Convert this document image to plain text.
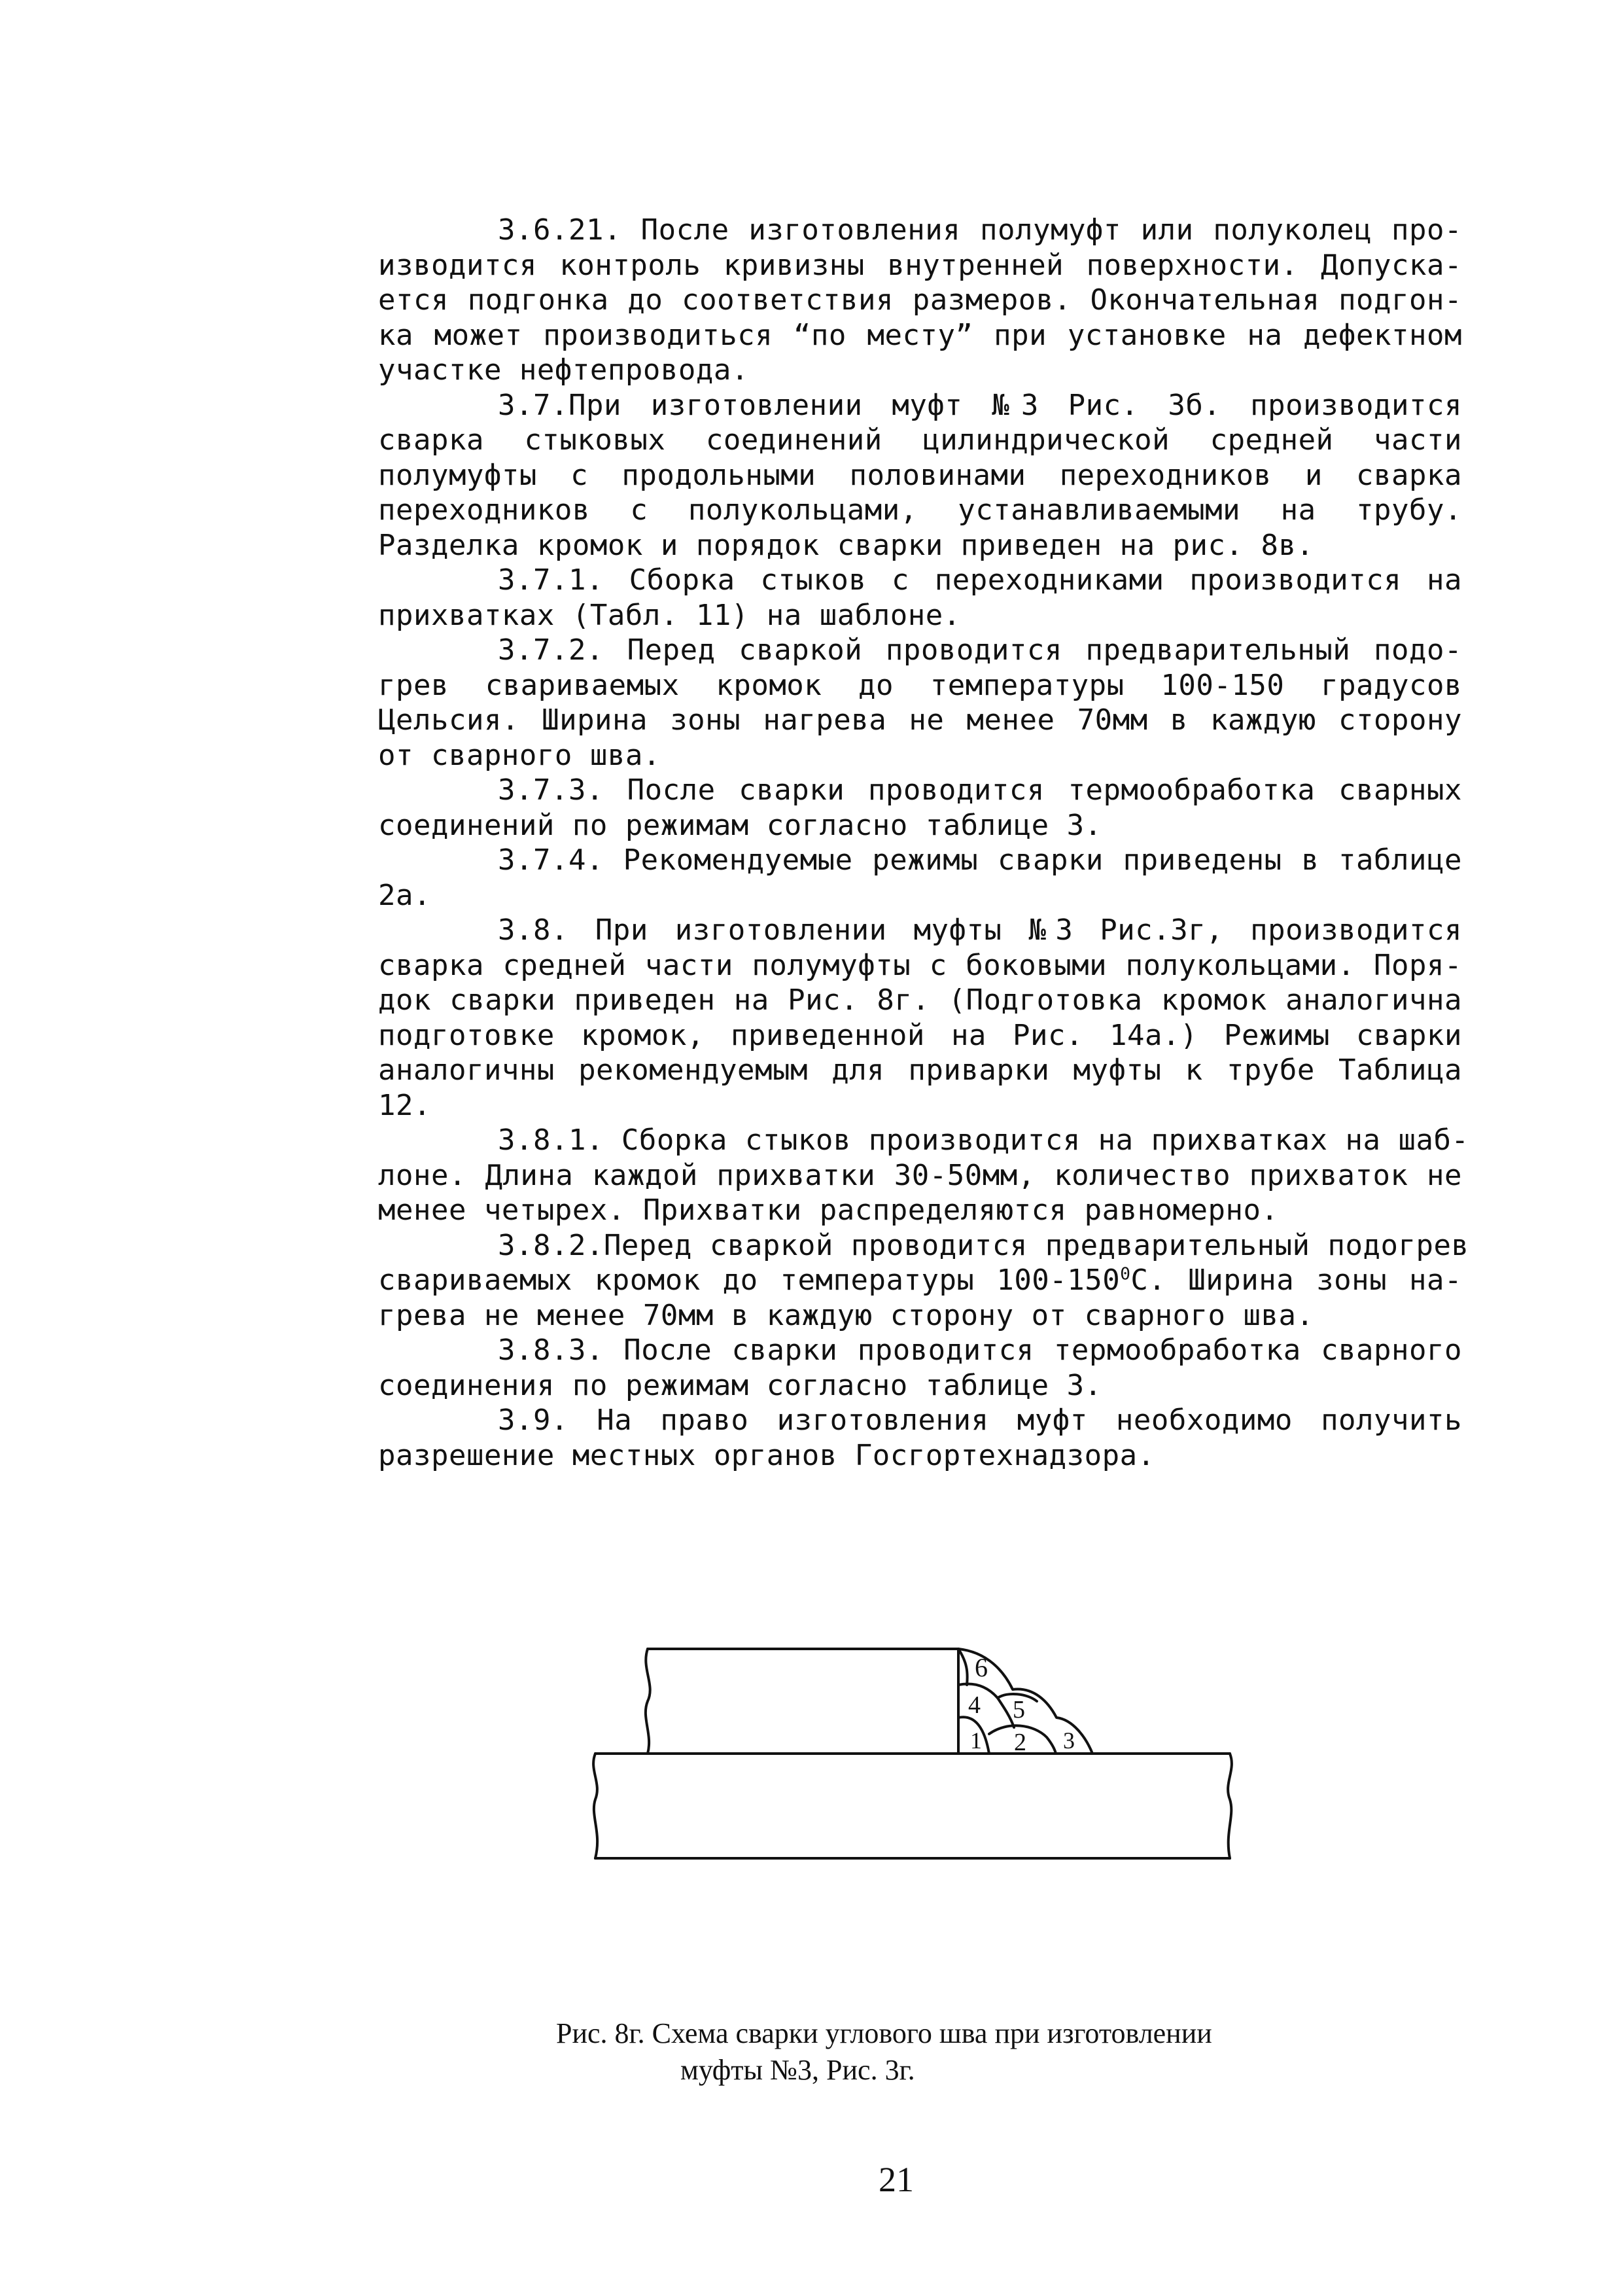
3.6.21. После изготовления полумуфт или полуколец про-
изводится контроль кривизны внутренней поверхности. Допуска-
ется подгонка до соответствия размеров. Окончательная подгон-
ка может производиться “по месту” при установке на дефектном
участке нефтепровода.
3.7.При изготовлении муфт №3 Рис. 3б. производится
сварка стыковых соединений цилиндрической средней части
полумуфты с продольными половинами переходников и сварка
переходников с полукольцами, устанавливаемыми на трубу.
Разделка кромок и порядок сварки приведен на рис. 8в.
3.7.1. Сборка стыков с переходниками производится на
прихватках (Табл. 11) на шаблоне.
3.7.2. Перед сваркой проводится предварительный подо-
грев свариваемых кромок до температуры 100-150 градусов
Цельсия. Ширина зоны нагрева не менее 70мм в каждую сторону
от сварного шва.
3.7.3. После сварки проводится термообработка сварных
соединений по режимам согласно таблице 3.
3.7.4. Рекомендуемые режимы сварки приведены в таблице
2а.
3.8. При изготовлении муфты №3 Рис.3г, производится
сварка средней части полумуфты с боковыми полукольцами. Поря-
док сварки приведен на Рис. 8г. (Подготовка кромок аналогична
подготовке кромок, приведенной на Рис. 14а.) Режимы сварки
аналогичны рекомендуемым для приварки муфты к трубе Таблица
12.
3.8.1. Сборка стыков производится на прихватках на шаб-
лоне. Длина каждой прихватки 30-50мм, количество прихваток не
менее четырех. Прихватки распределяются равномерно.
3.8.2.Перед сваркой проводится предварительный подогрев
свариваемых кромок до температуры $100-150^0С$. Ширина зоны на-
грева не менее 70мм в каждую сторону от сварного шва.
3.8.3. После сварки проводится термообработка сварного
соединения по режимам согласно таблице 3.
3.9. На право изготовления муфт необходимо получить
разрешение местных органов Госгортехнадзора.
6
4 5
1 2 3
Рис. 8г. Схема сварки углового шва при изготовлении
муфты №3, Рис. 3г.
21
